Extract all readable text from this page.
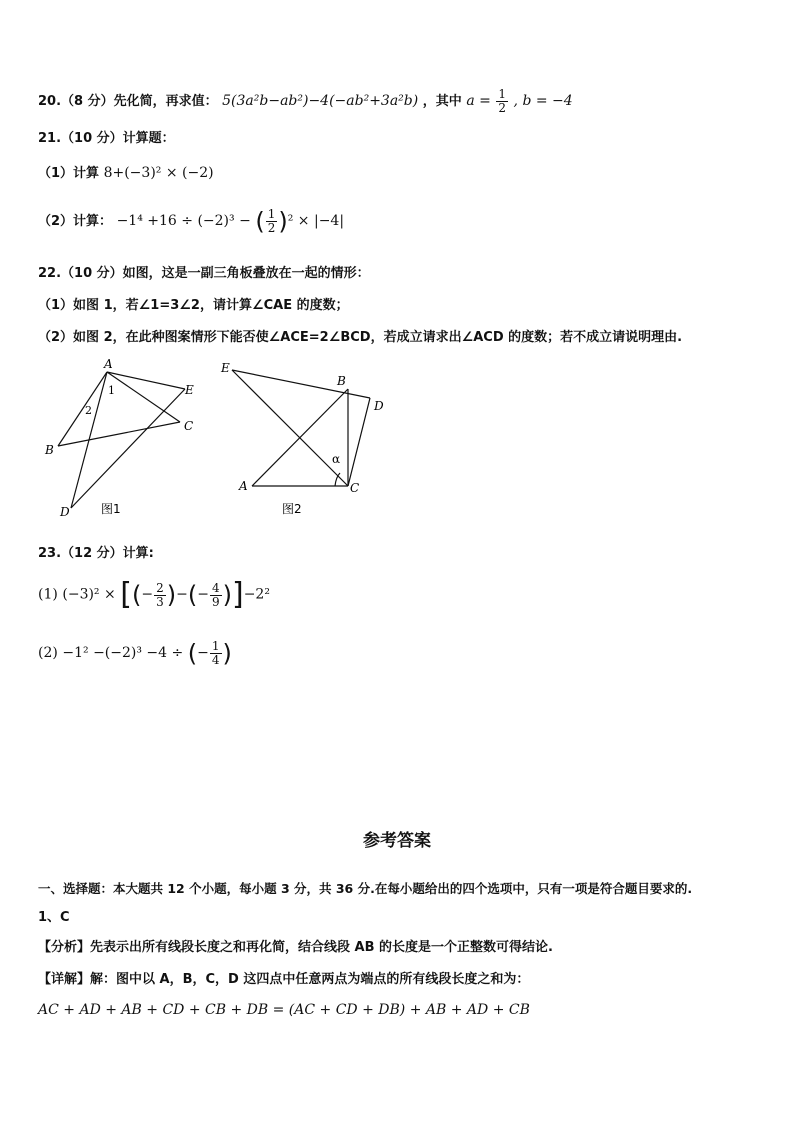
20.（8 分）先化简，再求值： 5(3a²b−ab²)−4(−ab²+3a²b) ，其中 $a = \frac{1}{2}$ , b = −4
21.（10 分）计算题：
（1）计算 8+(−3)² × (−2)
（2）计算： −1⁴ +16 ÷ (−2)³ − ( $\frac{1}{2} )^2 \times |-4|$
22.（10 分）如图，这是一副三角板叠放在一起的情形：
（1）如图 1，若∠1=3∠2，请计算∠CAE 的度数；
（2）如图 2，在此种图案情形下能否使∠ACE=2∠BCD，若成立请求出∠ACD 的度数；若不成立请说明理由.
A
B
C
D
E
1
2
图1
E
B
D
A	C
α
图2
23.（12 分）计算:
(1) (−3)² × [(− $\frac{2}{3}$ )−(− $\frac{4}{9} )]-2^2$
(2) −1² −(−2)³ −4 ÷ (− $\frac{1}{4}$ )
参考答案
一、选择题：本大题共 12 个小题，每小题 3 分，共 36 分.在每小题给出的四个选项中，只有一项是符合题目要求的.
1、C
【分析】先表示出所有线段长度之和再化简，结合线段 AB 的长度是一个正整数可得结论.
【详解】解：图中以 A，B，C，D 这四点中任意两点为端点的所有线段长度之和为：
AC + AD + AB + CD + CB + DB = (AC + CD + DB) + AB + AD + CB
